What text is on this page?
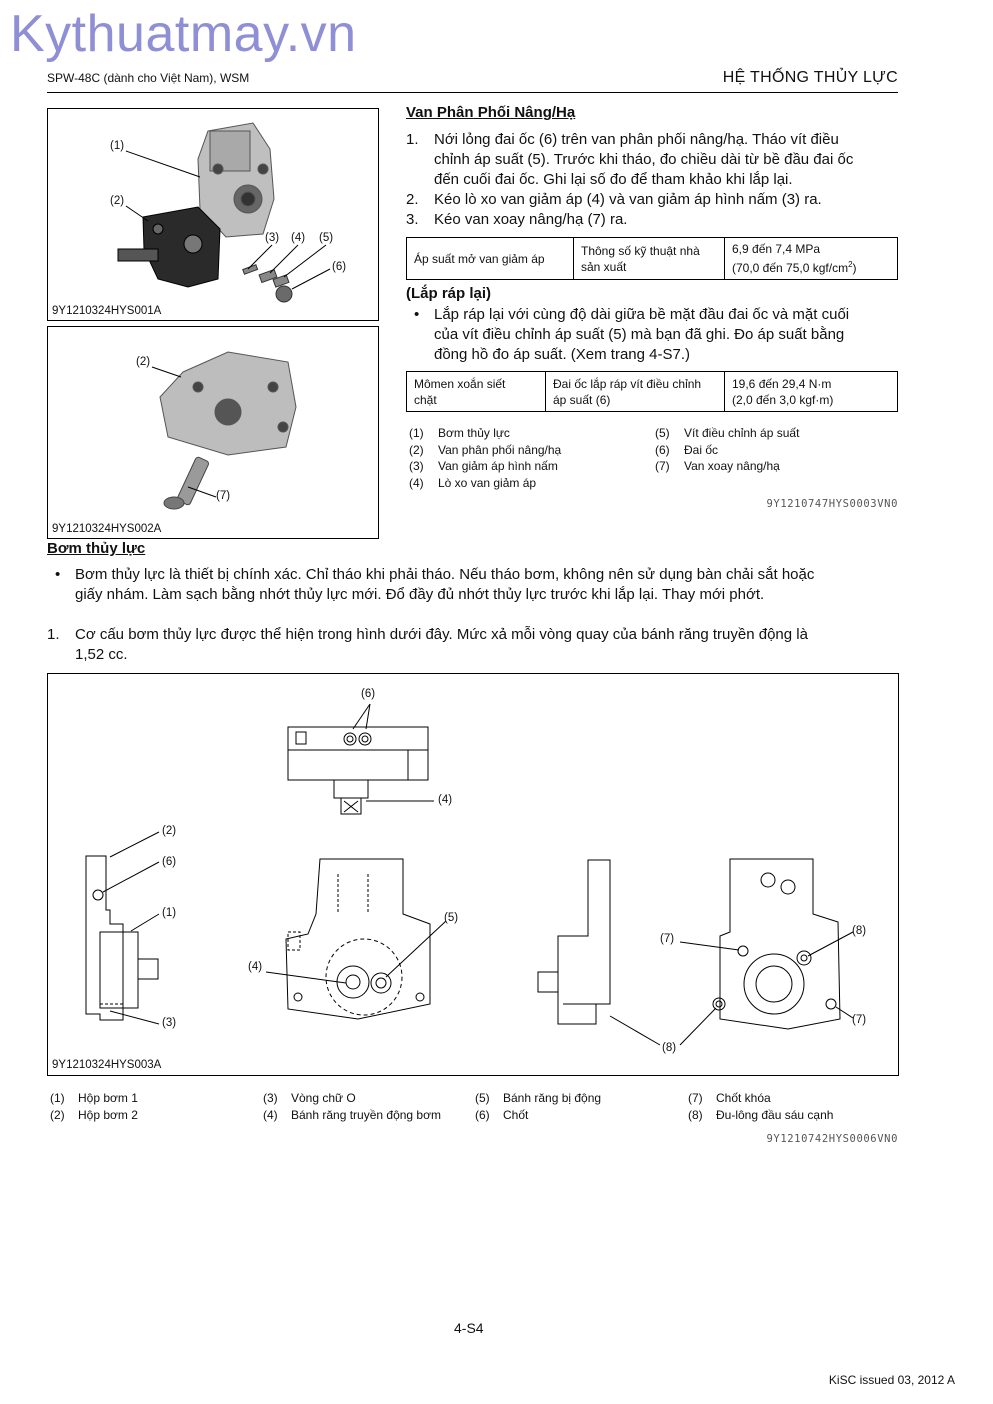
Kythuatmay.vn
SPW-48C (dành cho Việt Nam), WSM	HỆ THỐNG THỦY LỰC
(1)
(2)
(3) (4) (5)
(6)
9Y1210324HYS001A
(2)
(7)
9Y1210324HYS002A
Van Phân Phối Nâng/Hạ
1. Nới lỏng đai ốc (6) trên van phân phối nâng/hạ. Tháo vít điều
chỉnh áp suất (5). Trước khi tháo, đo chiều dài từ bề đầu đai ốc
đến cuối đai ốc. Ghi lại số đo để tham khảo khi lắp lại.
2. Kéo lò xo van giảm áp (4) và van giảm áp hình nấm (3) ra.
3. Kéo van xoay nâng/hạ (7) ra.
Áp suất mở van giảm áp	Thông số kỹ thuật nhà
sản xuất	6,9 đến 7,4 MPa
(70,0 đến 75,0 kgf/$cm^2$)
(Lắp ráp lại)
• Lắp ráp lại với cùng độ dài giữa bề mặt đầu đai ốc và mặt cuối
của vít điều chỉnh áp suất (5) mà bạn đã ghi. Đo áp suất bằng
đồng hồ đo áp suất. (Xem trang 4-S7.)
Mômen xoắn siết
chặt	Đai ốc lắp ráp vít điều chỉnh
áp suất (6)	19,6 đến 29,4 N·m
(2,0 đến 3,0 kgf·m)
(1) Bơm thủy lực
(2) Van phân phối nâng/hạ
(3) Van giảm áp hình nấm
(4) Lò xo van giảm áp
(5) Vít điều chỉnh áp suất
(6) Đai ốc
(7) Van xoay nâng/hạ
9Y1210747HYS0003VN0
Bơm thủy lực
• Bơm thủy lực là thiết bị chính xác. Chỉ tháo khi phải tháo. Nếu tháo bơm, không nên sử dụng bàn chải sắt hoặc
giấy nhám. Làm sạch bằng nhớt thủy lực mới. Đổ đầy đủ nhớt thủy lực trước khi lắp lại. Thay mới phớt.
1. Cơ cấu bơm thủy lực được thể hiện trong hình dưới đây. Mức xả mỗi vòng quay của bánh răng truyền động là
1,52 cc.
(6)
(4)
(2)
(6)
(1)
(3)
(4)
(5)
(7)
(8)
(7)
(8)
9Y1210324HYS003A
(1) Hộp bơm 1
(2) Hộp bơm 2
(3) Vòng chữ O
(4) Bánh răng truyền động bơm
(5) Bánh răng bị động
(6) Chốt
(7) Chốt khóa
(8) Đu-lông đầu sáu cạnh
9Y1210742HYS0006VN0
4-S4
KiSC issued 03, 2012 A
